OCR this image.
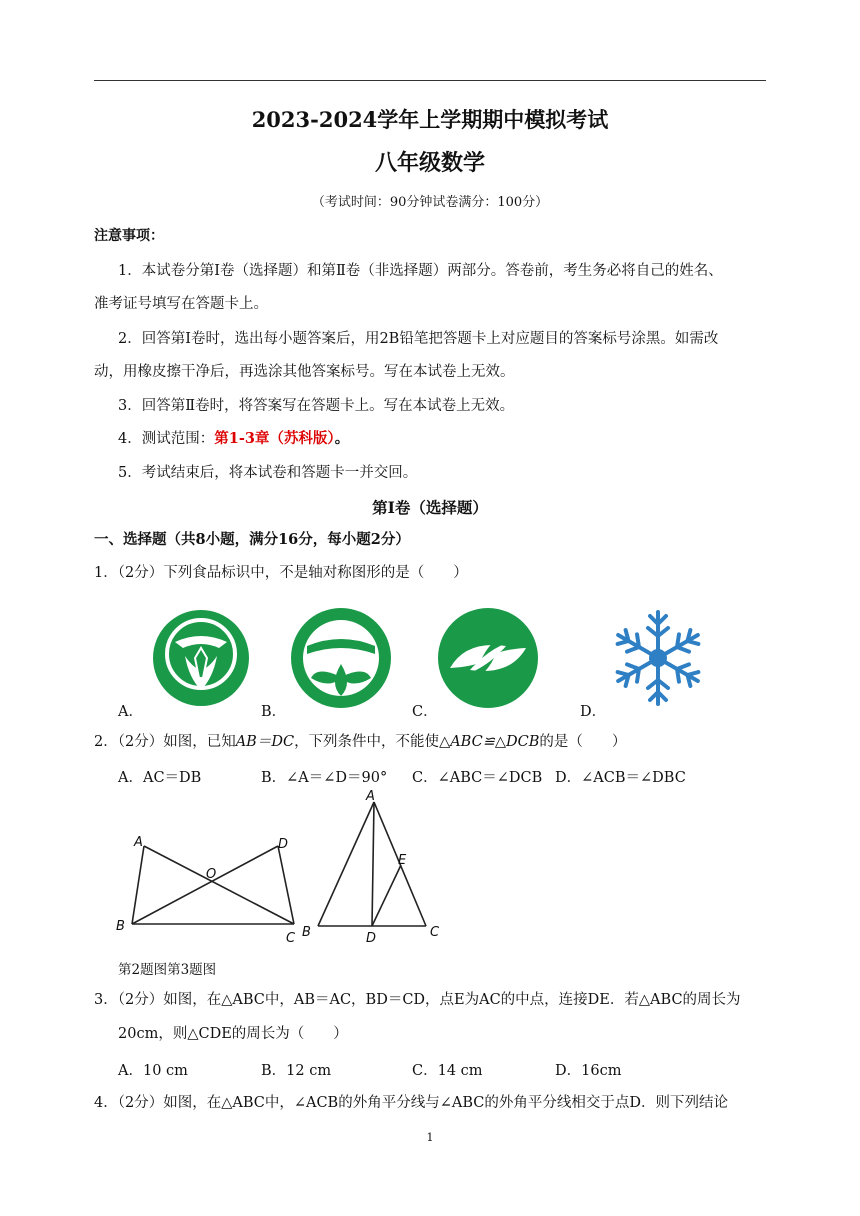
2023-2024学年上学期期中模拟考试
八年级数学
（考试时间：90分钟试卷满分：100分）
注意事项：
1．本试卷分第Ⅰ卷（选择题）和第Ⅱ卷（非选择题）两部分。答卷前，考生务必将自己的姓名、
准考证号填写在答题卡上。
2．回答第Ⅰ卷时，选出每小题答案后，用2B铅笔把答题卡上对应题目的答案标号涂黑。如需改
动，用橡皮擦干净后，再选涂其他答案标号。写在本试卷上无效。
3．回答第Ⅱ卷时，将答案写在答题卡上。写在本试卷上无效。
4．测试范围：第1-3章（苏科版）。
5．考试结束后，将本试卷和答题卡一并交回。
第Ⅰ卷（选择题）
一、选择题（共8小题，满分16分，每小题2分）
1．（2分）下列食品标识中，不是轴对称图形的是（　　）
A．	B．	C．	D．
2．（2分）如图，已知AB＝DC，下列条件中，不能使△ABC≌△DCB的是（　　）
A．AC＝DB	B．∠A＝∠D＝90° C．∠ABC＝∠DCB D．∠ACB＝∠DBC
A	D
O
B
C
A
E
B	D	C
第2题图第3题图
3．（2分）如图，在△ABC中，AB＝AC，BD＝CD，点E为AC的中点，连接DE．若△ABC的周长为
20cm，则△CDE的周长为（　　）
A．10 cm	B．12 cm	C．14 cm	D．16cm
4．（2分）如图，在△ABC中，∠ACB的外角平分线与∠ABC的外角平分线相交于点D．则下列结论
1
